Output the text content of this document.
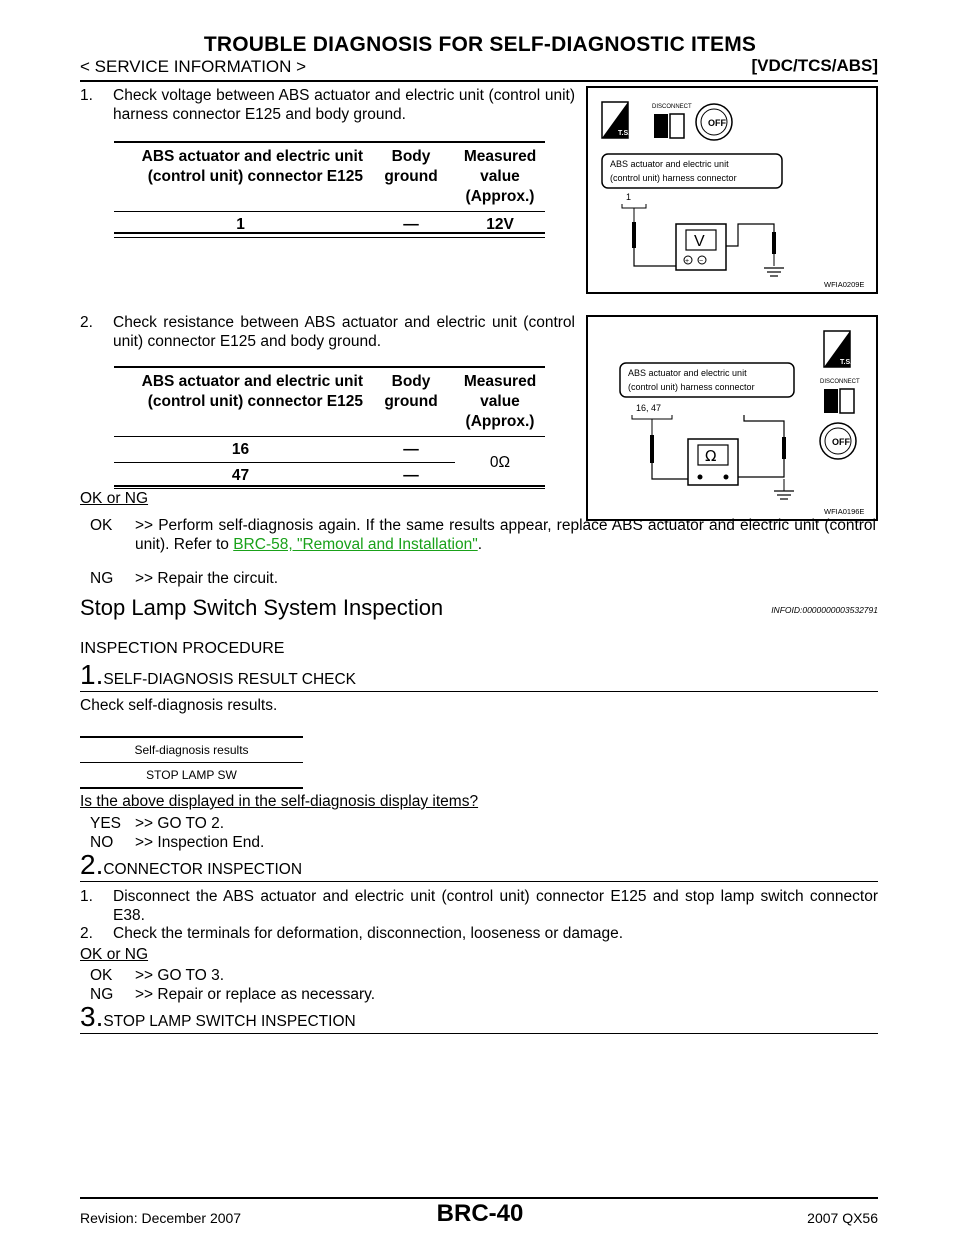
TROUBLE DIAGNOSIS FOR SELF-DIAGNOSTIC ITEMS
< SERVICE INFORMATION >	[VDC/TCS/ABS]
1. Check voltage between ABS actuator and electric unit (control unit) harness connector E125 and body ground.
ABS actuator and electric unit (control unit) connector E125	Body ground	Measured value (Approx.)
1	—	12V
T.S.
DISCONNECT
OFF
ABS actuator and electric unit
(control unit) harness connector
1
V
+ −
WFIA0209E
2. Check resistance between ABS actuator and electric unit (control unit) connector E125 and body ground.
ABS actuator and electric unit (control unit) connector E125	Body ground	Measured value (Approx.)
16	—	0Ω
47	—	
T.S.
DISCONNECT
OFF
ABS actuator and electric unit
(control unit) harness connector
16, 47
Ω
WFIA0196E
OK or NG
OK >> Perform self-diagnosis again. If the same results appear, replace ABS actuator and electric unit (control unit). Refer to BRC-58, "Removal and Installation".
NG >> Repair the circuit.
Stop Lamp Switch System Inspection	INFOID:0000000003532791
INSPECTION PROCEDURE
1.SELF-DIAGNOSIS RESULT CHECK
Check self-diagnosis results.
Self-diagnosis results
STOP LAMP SW
Is the above displayed in the self-diagnosis display items?
YES >> GO TO 2.
NO >> Inspection End.
2.CONNECTOR INSPECTION
1. Disconnect the ABS actuator and electric unit (control unit) connector E125 and stop lamp switch connector E38.
2. Check the terminals for deformation, disconnection, looseness or damage.
OK or NG
OK >> GO TO 3.
NG >> Repair or replace as necessary.
3.STOP LAMP SWITCH INSPECTION
Revision: December 2007	BRC-40	2007 QX56
